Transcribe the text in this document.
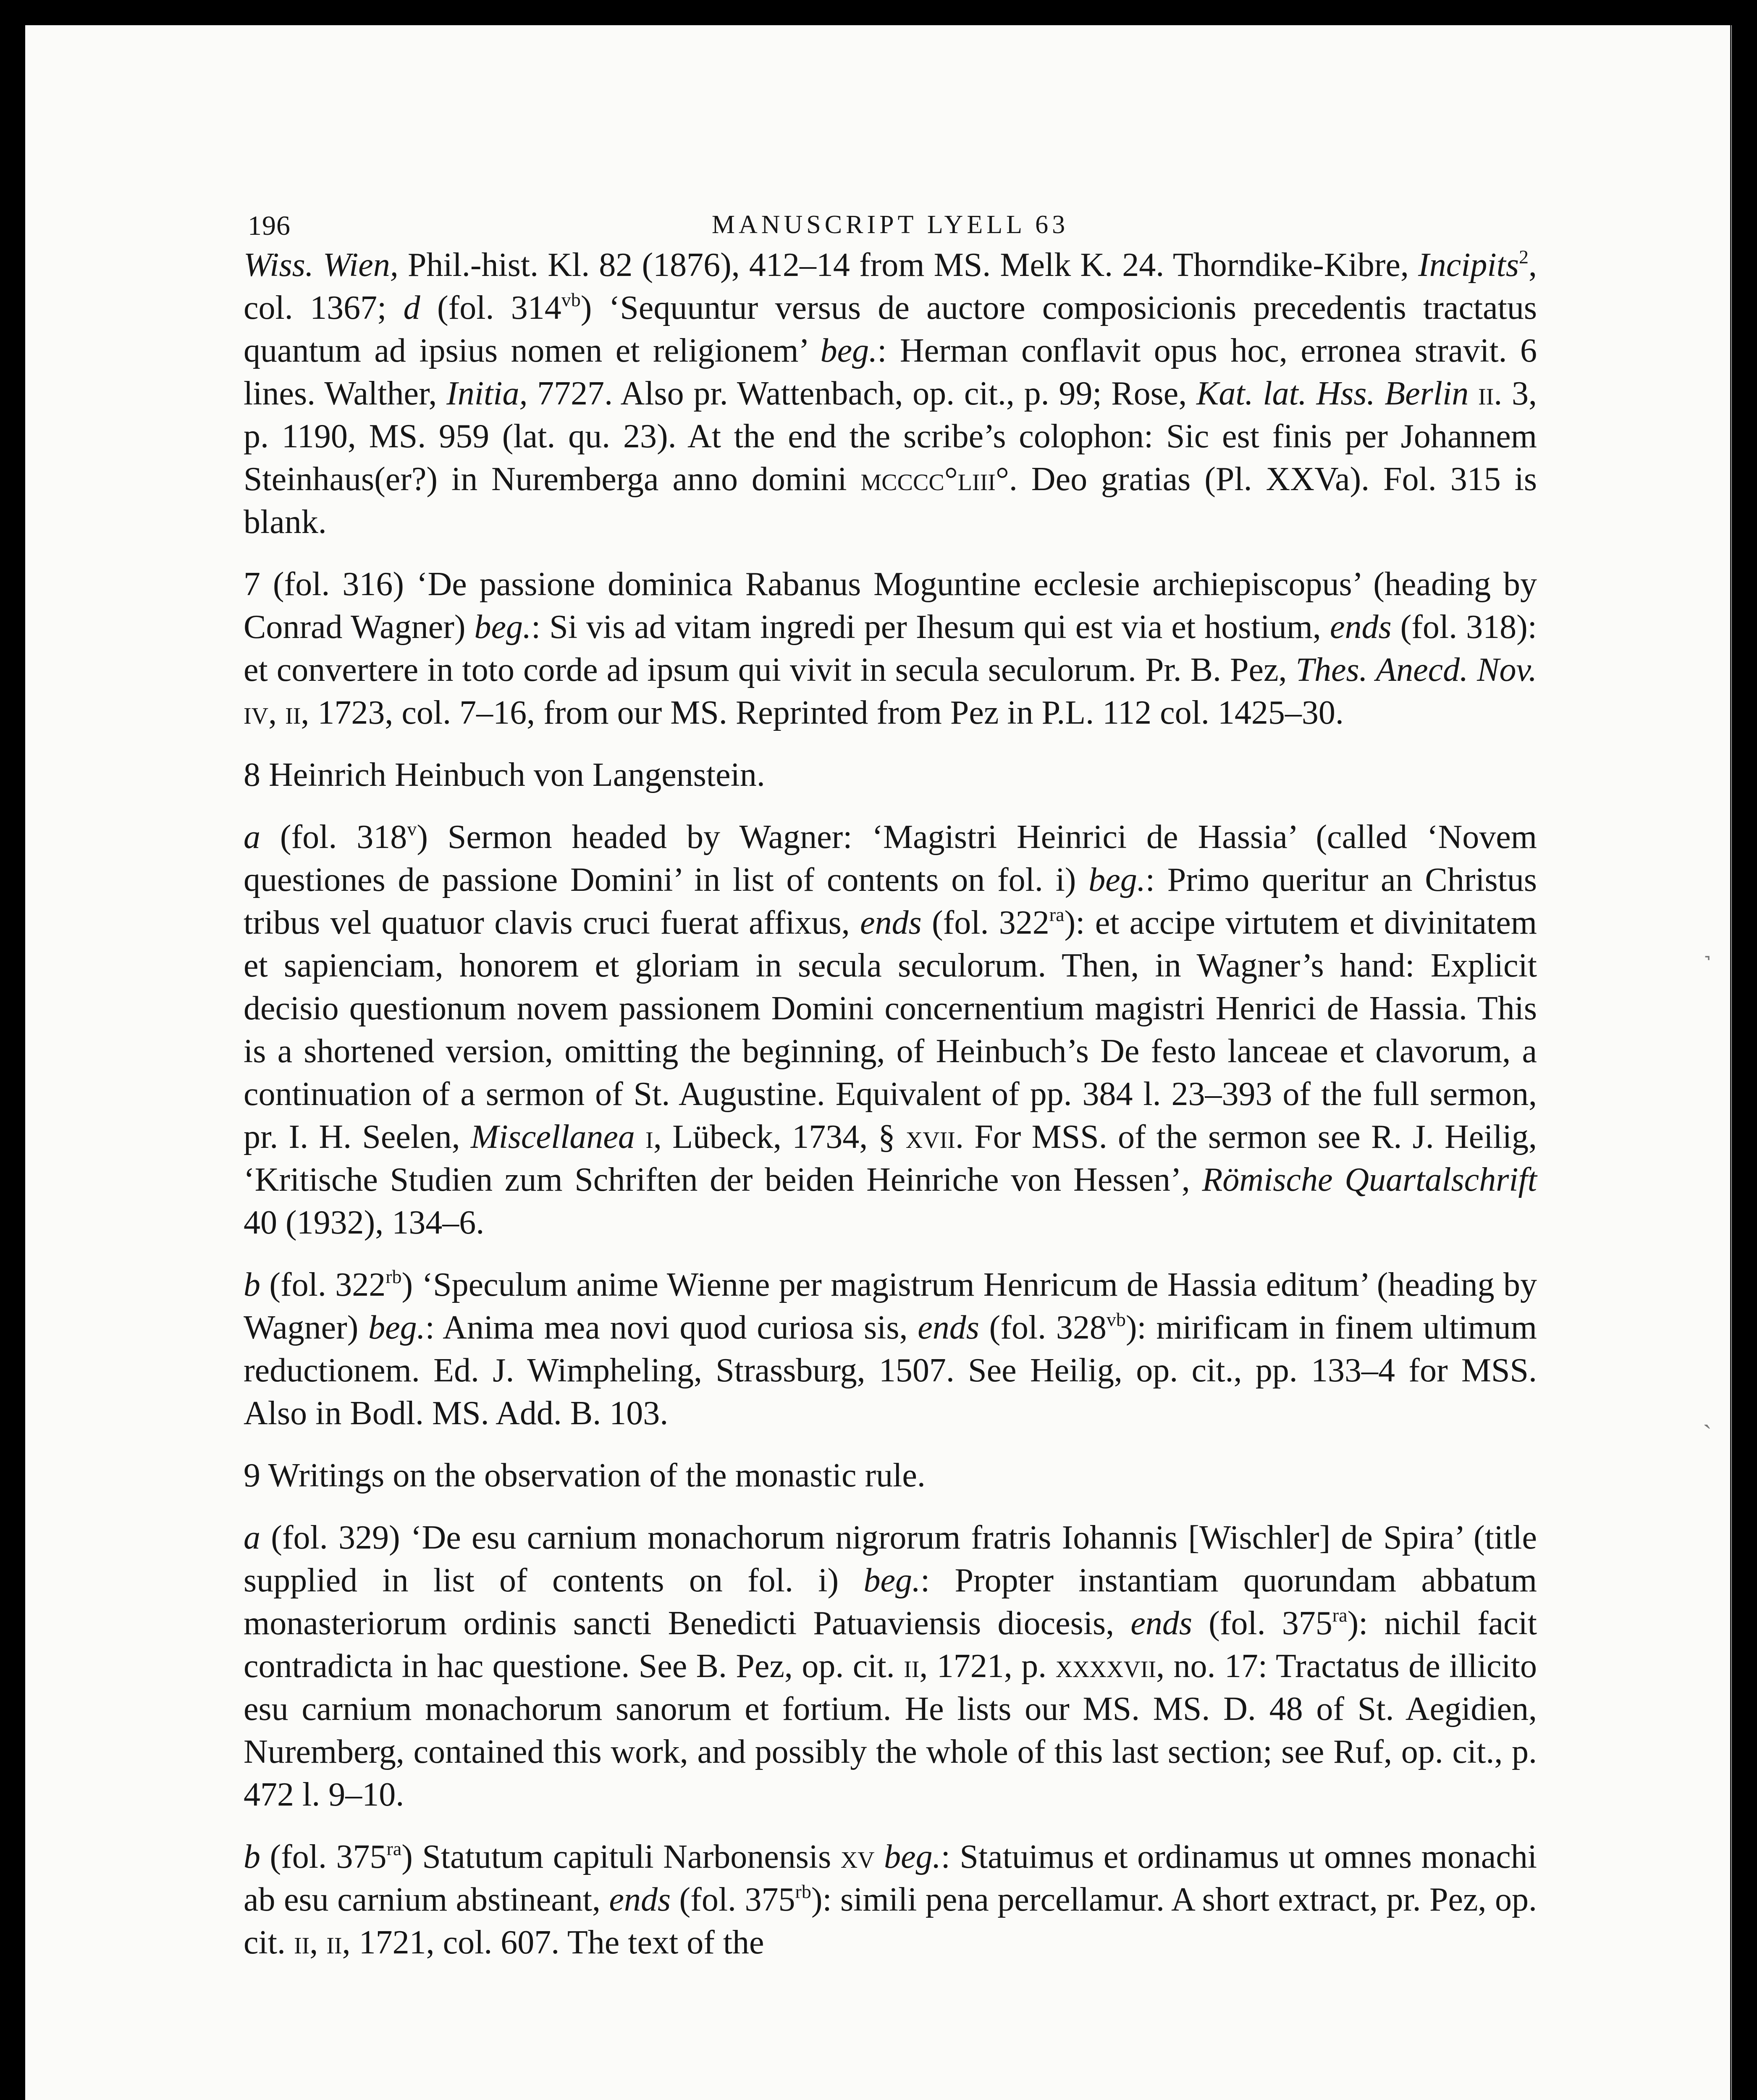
˺
ˎ
196	MANUSCRIPT LYELL 63

Wiss. Wien, Phil.-hist. Kl. 82 (1876), 412–14 from MS. Melk K. 24. Thorndike-Kibre, Incipits$^2$, col. 1367; d (fol. $314^{vb}$) ‘Sequuntur versus de auctore composicionis precedentis tractatus quantum ad ipsius nomen et religionem’ beg.: Herman conflavit opus hoc, erronea stravit. 6 lines. Walther, Initia, 7727. Also pr. Wattenbach, op. cit., p. 99; Rose, Kat. lat. Hss. Berlin ii. 3, p. 1190, MS. 959 (lat. qu. 23). At the end the scribe’s colophon: Sic est finis per Johannem Steinhaus(er?) in Nuremberga anno domini mcccc°liii°. Deo gratias (Pl. XXVa). Fol. 315 is blank.

7 (fol. 316) ‘De passione dominica Rabanus Moguntine ecclesie archiepiscopus’ (heading by Conrad Wagner) beg.: Si vis ad vitam ingredi per Ihesum qui est via et hostium, ends (fol. 318): et convertere in toto corde ad ipsum qui vivit in secula seculorum. Pr. B. Pez, Thes. Anecd. Nov. iv, ii, 1723, col. 7–16, from our MS. Reprinted from Pez in P.L. 112 col. 1425–30.

8 Heinrich Heinbuch von Langenstein.

a (fol. 318$^v$) Sermon headed by Wagner: ‘Magistri Heinrici de Hassia’ (called ‘Novem questiones de passione Domini’ in list of contents on fol. i) beg.: Primo queritur an Christus tribus vel quatuor clavis cruci fuerat affixus, ends (fol. $322^{ra}$): et accipe virtutem et divinitatem et sapienciam, honorem et gloriam in secula seculorum. Then, in Wagner’s hand: Explicit decisio questionum novem passionem Domini concernentium magistri Henrici de Hassia. This is a shortened version, omitting the beginning, of Heinbuch’s De festo lanceae et clavorum, a continuation of a sermon of St. Augustine. Equivalent of pp. 384 l. 23–393 of the full sermon, pr. I. H. Seelen, Miscellanea i, Lübeck, 1734, § xvii. For MSS. of the sermon see R. J. Heilig, ‘Kritische Studien zum Schriften der beiden Heinriche von Hessen’, Römische Quartalschrift 40 (1932), 134–6.

b (fol. $322^{rb}$) ‘Speculum anime Wienne per magistrum Henricum de Hassia editum’ (heading by Wagner) beg.: Anima mea novi quod curiosa sis, ends (fol. $328^{vb}$): mirificam in finem ultimum reductionem. Ed. J. Wimpheling, Strassburg, 1507. See Heilig, op. cit., pp. 133–4 for MSS. Also in Bodl. MS. Add. B. 103.

9 Writings on the observation of the monastic rule.

a (fol. 329) ‘De esu carnium monachorum nigrorum fratris Iohannis [Wischler] de Spira’ (title supplied in list of contents on fol. i) beg.: Propter instantiam quorundam abbatum monasteriorum ordinis sancti Benedicti Patuaviensis diocesis, ends (fol. $375^{ra}$): nichil facit contradicta in hac questione. See B. Pez, op. cit. ii, 1721, p. xxxxvii, no. 17: Tractatus de illicito esu carnium monachorum sanorum et fortium. He lists our MS. MS. D. 48 of St. Aegidien, Nuremberg, contained this work, and possibly the whole of this last section; see Ruf, op. cit., p. 472 l. 9–10.

b (fol. $375^{ra}$) Statutum capituli Narbonensis xv beg.: Statuimus et ordinamus ut omnes monachi ab esu carnium abstineant, ends (fol. $375^{rb}$): simili pena percellamur. A short extract, pr. Pez, op. cit. ii, ii, 1721, col. 607. The text of the
